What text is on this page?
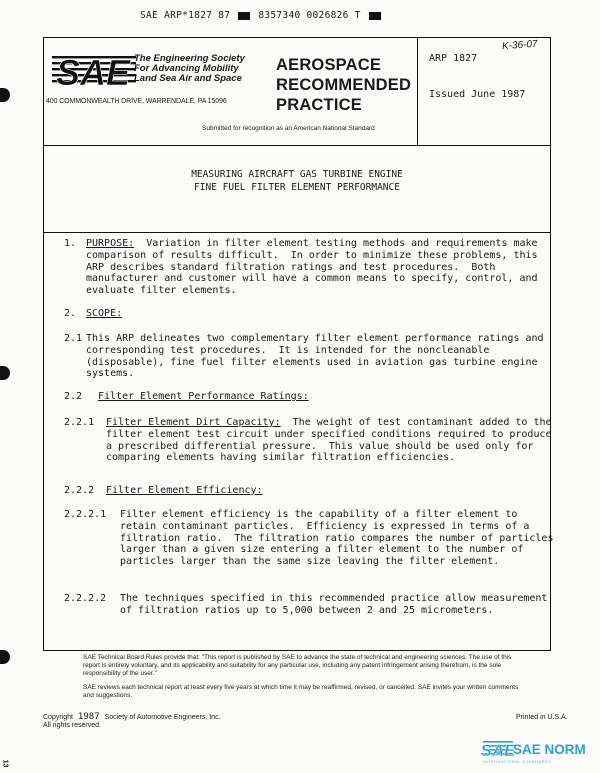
SAE ARP*1827 87	8357340 0026826 T
SAE The Engineering Society
For Advancing Mobility
Land Sea Air and Space
AEROSPACE
RECOMMENDED
PRACTICE
400 COMMONWEALTH DRIVE, WARRENDALE, PA 15096
Submitted for recognition as an American National Standard
ARP 1827
K-36-07
Issued June 1987
MEASURING AIRCRAFT GAS TURBINE ENGINE
FINE FUEL FILTER ELEMENT PERFORMANCE
1. PURPOSE:  Variation in filter element testing methods and requirements make
comparison of results difficult.  In order to minimize these problems, this
ARP describes standard filtration ratings and test procedures.  Both
manufacturer and customer will have a common means to specify, control, and
evaluate filter elements.
2. SCOPE:
2.1 This ARP delineates two complementary filter element performance ratings and
corresponding test procedures.  It is intended for the noncleanable
(disposable), fine fuel filter elements used in aviation gas turbine engine
systems.
2.2 Filter Element Performance Ratings:
2.2.1 Filter Element Dirt Capacity:  The weight of test contaminant added to the
filter element test circuit under specified conditions required to produce
a prescribed differential pressure.  This value should be used only for
comparing elements having similar filtration efficiencies.
2.2.2 Filter Element Efficiency:
2.2.2.1 Filter element efficiency is the capability of a filter element to
retain contaminant particles.  Efficiency is expressed in terms of a
filtration ratio.  The filtration ratio compares the number of particles
larger than a given size entering a filter element to the number of
particles larger than the same size leaving the filter element.
2.2.2.2 The techniques specified in this recommended practice allow measurement
of filtration ratios up to 5,000 between 2 and 25 micrometers.
SAE Technical Board Rules provide that: "This report is published by SAE to advance the state of technical and engineering sciences. The use of this report is entirely voluntary, and its applicability and suitability for any particular use, including any patent infringement arising therefrom, is the sole responsibility of the user."
SAE reviews each technical report at least every five years at which time it may be reaffirmed, revised, or cancelled. SAE invites your written comments and suggestions.
Copyright 1987 Society of Automotive Engineers, Inc.
All rights reserved.
Printed in U.S.A.
SAE
SAE NORM
INTERNATIONAL STANDARDS
13
